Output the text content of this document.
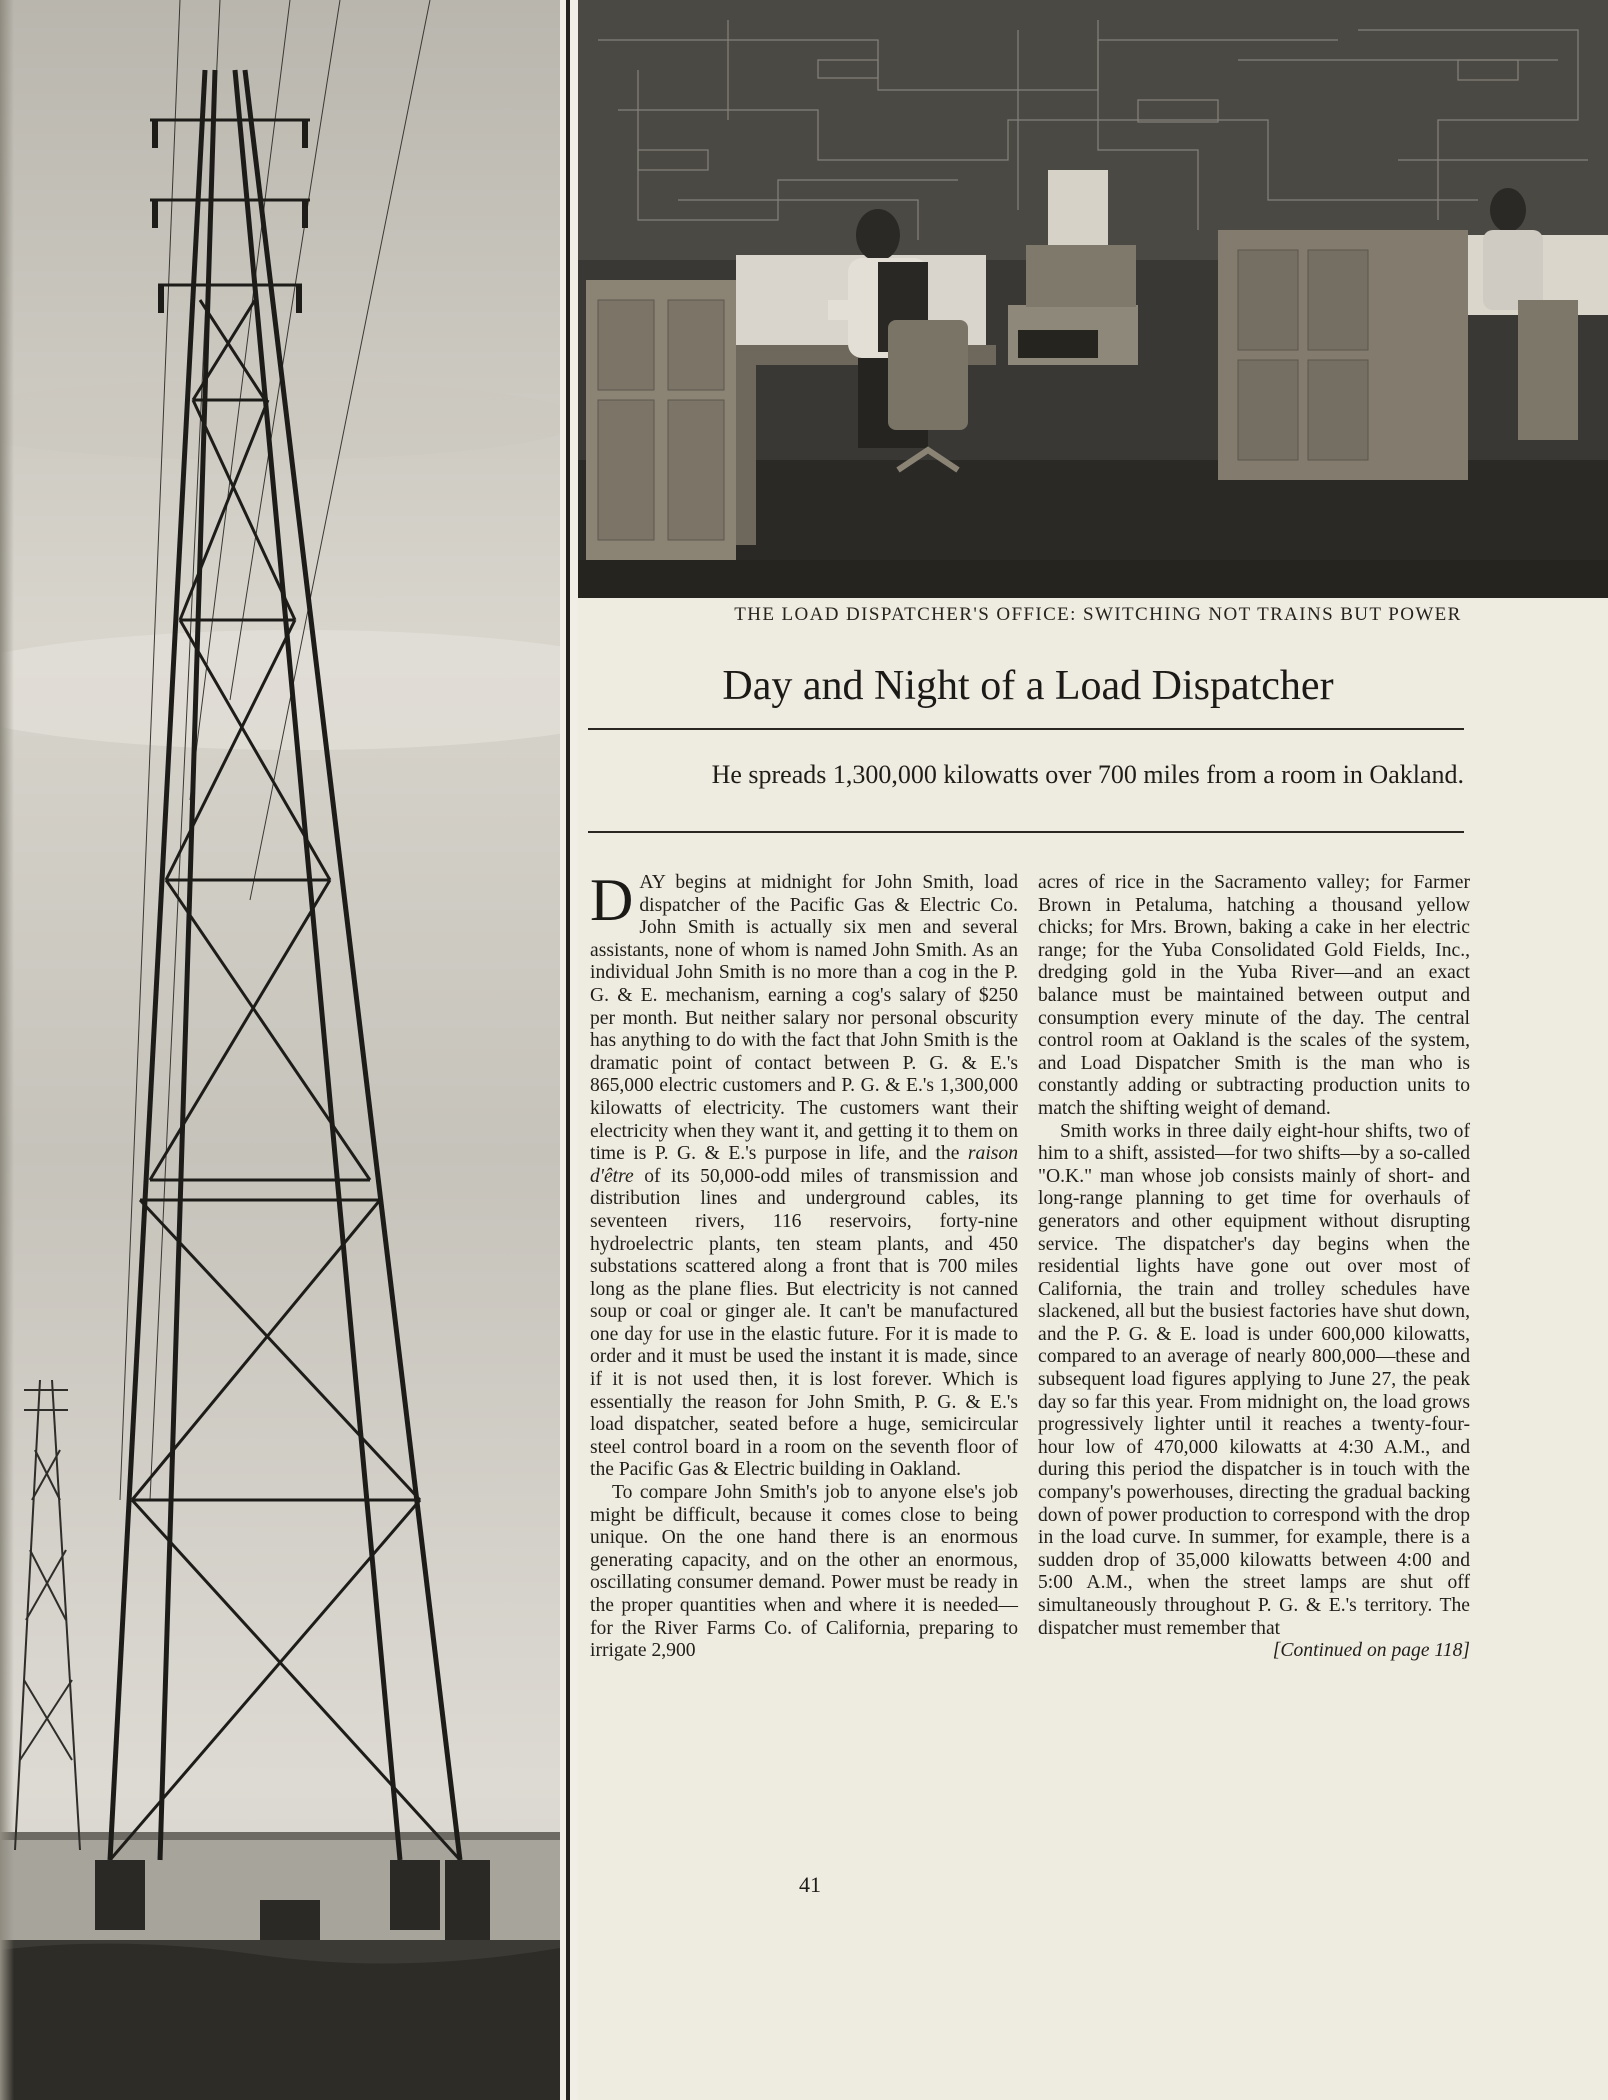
THE LOAD DISPATCHER'S OFFICE: SWITCHING NOT TRAINS BUT POWER
Day and Night of a Load Dispatcher
He spreads 1,300,000 kilowatts over 700 miles from a room in Oakland.

DAY begins at midnight for John Smith, load dispatcher of the Pacific Gas & Electric Co. John Smith is actually six men and several assistants, none of whom is named John Smith. As an individual John Smith is no more than a cog in the P. G. & E. mechanism, earning a cog's salary of $250 per month. But neither salary nor personal obscurity has anything to do with the fact that John Smith is the dramatic point of contact between P. G. & E.'s 865,000 electric customers and P. G. & E.'s 1,300,000 kilowatts of electricity. The customers want their electricity when they want it, and getting it to them on time is P. G. & E.'s purpose in life, and the raison d'être of its 50,000-odd miles of transmission and distribution lines and underground cables, its seventeen rivers, 116 reservoirs, forty-nine hydroelectric plants, ten steam plants, and 450 substations scattered along a front that is 700 miles long as the plane flies. But electricity is not canned soup or coal or ginger ale. It can't be manufactured one day for use in the elastic future. For it is made to order and it must be used the instant it is made, since if it is not used then, it is lost forever. Which is essentially the reason for John Smith, P. G. & E.'s load dispatcher, seated before a huge, semicircular steel control board in a room on the seventh floor of the Pacific Gas & Electric building in Oakland.

To compare John Smith's job to anyone else's job might be difficult, because it comes close to being unique. On the one hand there is an enormous generating capacity, and on the other an enormous, oscillating consumer demand. Power must be ready in the proper quantities when and where it is needed—for the River Farms Co. of California, preparing to irrigate 2,900

acres of rice in the Sacramento valley; for Farmer Brown in Petaluma, hatching a thousand yellow chicks; for Mrs. Brown, baking a cake in her electric range; for the Yuba Consolidated Gold Fields, Inc., dredging gold in the Yuba River—and an exact balance must be maintained between output and consumption every minute of the day. The central control room at Oakland is the scales of the system, and Load Dispatcher Smith is the man who is constantly adding or subtracting production units to match the shifting weight of demand.

Smith works in three daily eight-hour shifts, two of him to a shift, assisted—for two shifts—by a so-called "O.K." man whose job consists mainly of short- and long-range planning to get time for overhauls of generators and other equipment without disrupting service. The dispatcher's day begins when the residential lights have gone out over most of California, the train and trolley schedules have slackened, all but the busiest factories have shut down, and the P. G. & E. load is under 600,000 kilowatts, compared to an average of nearly 800,000—these and subsequent load figures applying to June 27, the peak day so far this year. From midnight on, the load grows progressively lighter until it reaches a twenty-four-hour low of 470,000 kilowatts at 4:30 A.M., and during this period the dispatcher is in touch with the company's powerhouses, directing the gradual backing down of power production to correspond with the drop in the load curve. In summer, for example, there is a sudden drop of 35,000 kilowatts between 4:00 and 5:00 A.M., when the street lamps are shut off simultaneously throughout P. G. & E.'s territory. The dispatcher must remember that

[Continued on page 118]

41
